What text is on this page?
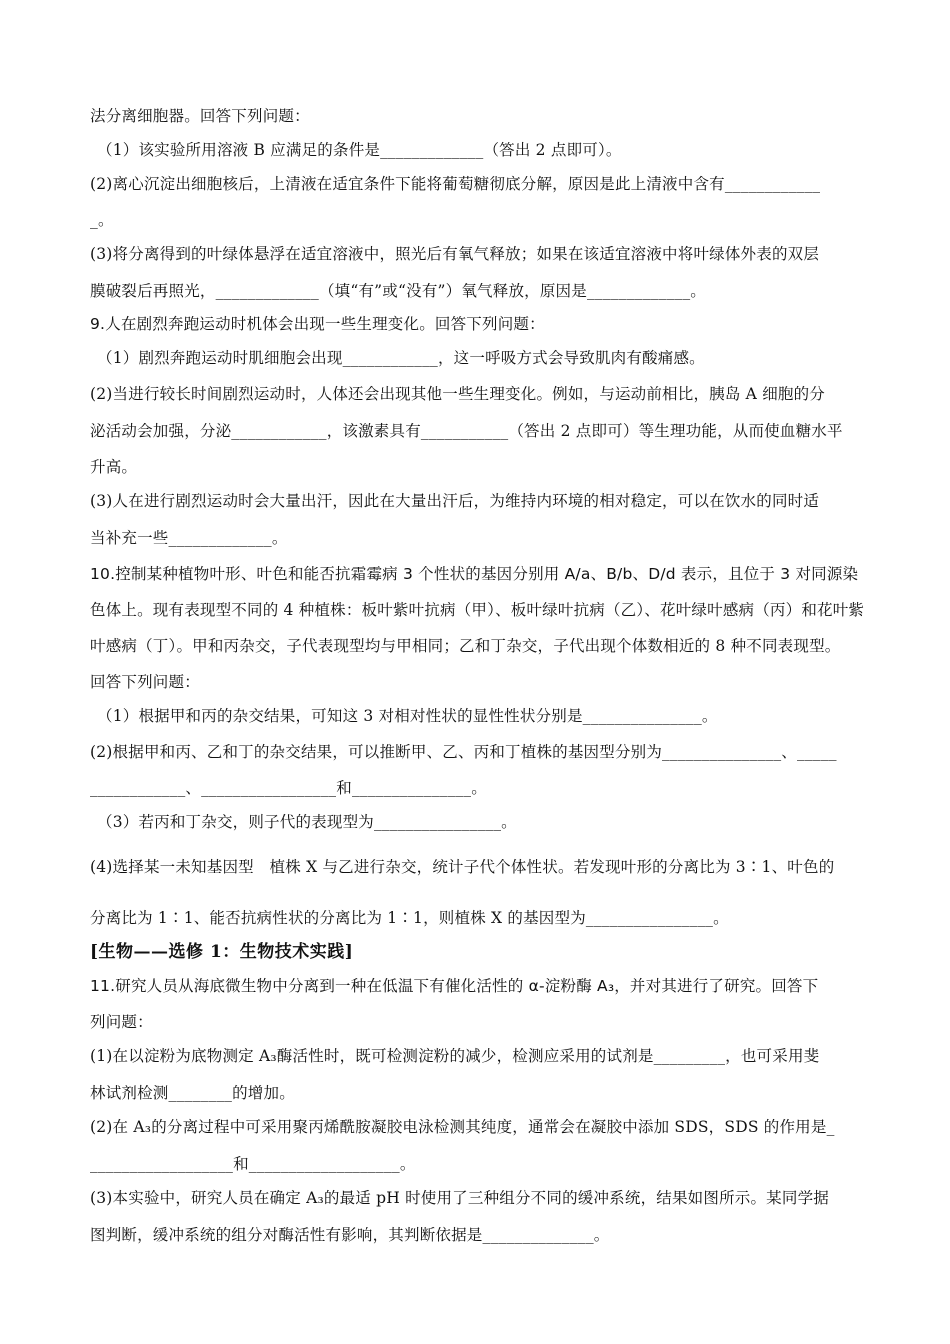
法分离细胞器。回答下列问题：
（1）该实验所用溶液 B 应满足的条件是_____________（答出 2 点即可）。
(2)离心沉淀出细胞核后，上清液在适宜条件下能将葡萄糖彻底分解，原因是此上清液中含有____________
_。
(3)将分离得到的叶绿体悬浮在适宜溶液中，照光后有氧气释放；如果在该适宜溶液中将叶绿体外表的双层
膜破裂后再照光，_____________（填“有”或“没有”）氧气释放，原因是_____________。
9.人在剧烈奔跑运动时机体会出现一些生理变化。回答下列问题：
（1）剧烈奔跑运动时肌细胞会出现____________，这一呼吸方式会导致肌肉有酸痛感。
(2)当进行较长时间剧烈运动时，人体还会出现其他一些生理变化。例如，与运动前相比，胰岛 A 细胞的分
泌活动会加强，分泌____________，该激素具有___________（答出 2 点即可）等生理功能，从而使血糖水平
升高。
(3)人在进行剧烈运动时会大量出汗，因此在大量出汗后，为维持内环境的相对稳定，可以在饮水的同时适
当补充一些_____________。
10.控制某种植物叶形、叶色和能否抗霜霉病 3 个性状的基因分别用 A/a、B/b、D/d 表示，且位于 3 对同源染
色体上。现有表现型不同的 4 种植株：板叶紫叶抗病（甲）、板叶绿叶抗病（乙）、花叶绿叶感病（丙）和花叶紫
叶感病（丁）。甲和丙杂交，子代表现型均与甲相同；乙和丁杂交，子代出现个体数相近的 8 种不同表现型。
回答下列问题：
（1）根据甲和丙的杂交结果，可知这 3 对相对性状的显性性状分别是_______________。
(2)根据甲和丙、乙和丁的杂交结果，可以推断甲、乙、丙和丁植株的基因型分别为_______________、_____
____________、_________________和_______________。
（3）若丙和丁杂交，则子代的表现型为________________。
(4)选择某一未知基因型　植株 X 与乙进行杂交，统计子代个体性状。若发现叶形的分离比为 3∶1、叶色的
分离比为 1∶1、能否抗病性状的分离比为 1∶1，则植株 X 的基因型为________________。
[生物——选修 1：生物技术实践]
11.研究人员从海底微生物中分离到一种在低温下有催化活性的 α-淀粉酶 A₃，并对其进行了研究。回答下
列问题：
(1)在以淀粉为底物测定 A₃酶活性时，既可检测淀粉的减少，检测应采用的试剂是_________，也可采用斐
林试剂检测________的增加。
(2)在 A₃的分离过程中可采用聚丙烯酰胺凝胶电泳检测其纯度，通常会在凝胶中添加 SDS，SDS 的作用是_
__________________和___________________。
(3)本实验中，研究人员在确定 A₃的最适 pH 时使用了三种组分不同的缓冲系统，结果如图所示。某同学据
图判断，缓冲系统的组分对酶活性有影响，其判断依据是______________。
